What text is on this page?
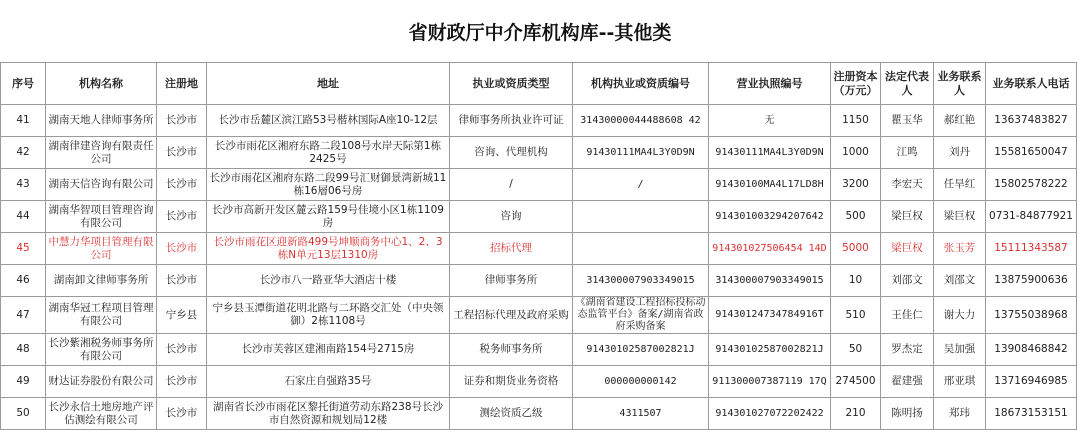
省财政厅中介库机构库--其他类
序号	机构名称	注册地	地址	执业或资质类型	机构执业或资质编号	营业执照编号	注册资本（万元）	法定代表人	业务联系人	业务联系人电话
41	湖南天地人律师事务所	长沙市	长沙市岳麓区滨江路53号楷林国际A座10-12层	律师事务所执业许可证	31430000044488608 42	无	1150	瞿玉华	郝红艳	13637483827
42	湖南律建咨询有限责任公司	长沙市	长沙市雨花区湘府东路二段108号水岸天际第1栋2425号	咨询、代理机构	91430111MA4L3Y0D9N	91430111MA4L3Y0D9N	1000	江鸣	刘丹	15581650047
43	湖南天信咨询有限公司	长沙市	长沙市雨花区湘府东路二段99号汇财御景湾新城11栋16層06号房	/	/	91430100MA4L17LD8H	3200	李宏天	任旱红	15802578222
44	湖南华智项目管理咨询有限公司	长沙市	长沙市高新开发区麓云路159号佳境小区1栋1109房	咨询		914301003294207642	500	梁巨权	梁巨权	0731-84877921
45	中慧力华项目管理有限公司	长沙市	长沙市雨花区迎新路499号坤顺商务中心1、2、3栋N单元13层1310房	招标代理		914301027506454 14D	5000	梁巨权	张玉芳	15111343587
46	湖南卸文律师事务所	长沙市	长沙市八一路亚华大酒店十楼	律师事务所	314300007903349015	314300007903349015	10	刘邵文	刘邵文	13875900636
47	湖南华冠工程项目管理有限公司	宁乡县	宁乡县玉潭街道花明北路与二环路交汇处（中央领御）2栋1108号	工程招标代理及政府采购	《湖南省建设工程招标投标动态监管平台》备案/湖南省政府采购备案	91430124734784916T	510	王佳仁	谢大力	13755038968
48	长沙紫湘税务师事务所有限公司	长沙市	长沙市芙蓉区建湘南路154号2715房	税务师事务所	91430102587002821J	91430102587002821J	50	罗杰定	吴加强	13908468842
49	财达证券股份有限公司	长沙市	石家庄自强路35号	证券和期货业务资格	000000000142	911300007387119 17Q	274500	翟建强	邢亚琪	13716946985
50	长沙永信土地房地产评估测绘有限公司	长沙市	湖南省长沙市雨花区黎托街道劳动东路238号长沙市自然资源和规划局12楼	测绘资质乙级	4311507	914301027072202422	210	陈明扬	郑玮	18673153151
